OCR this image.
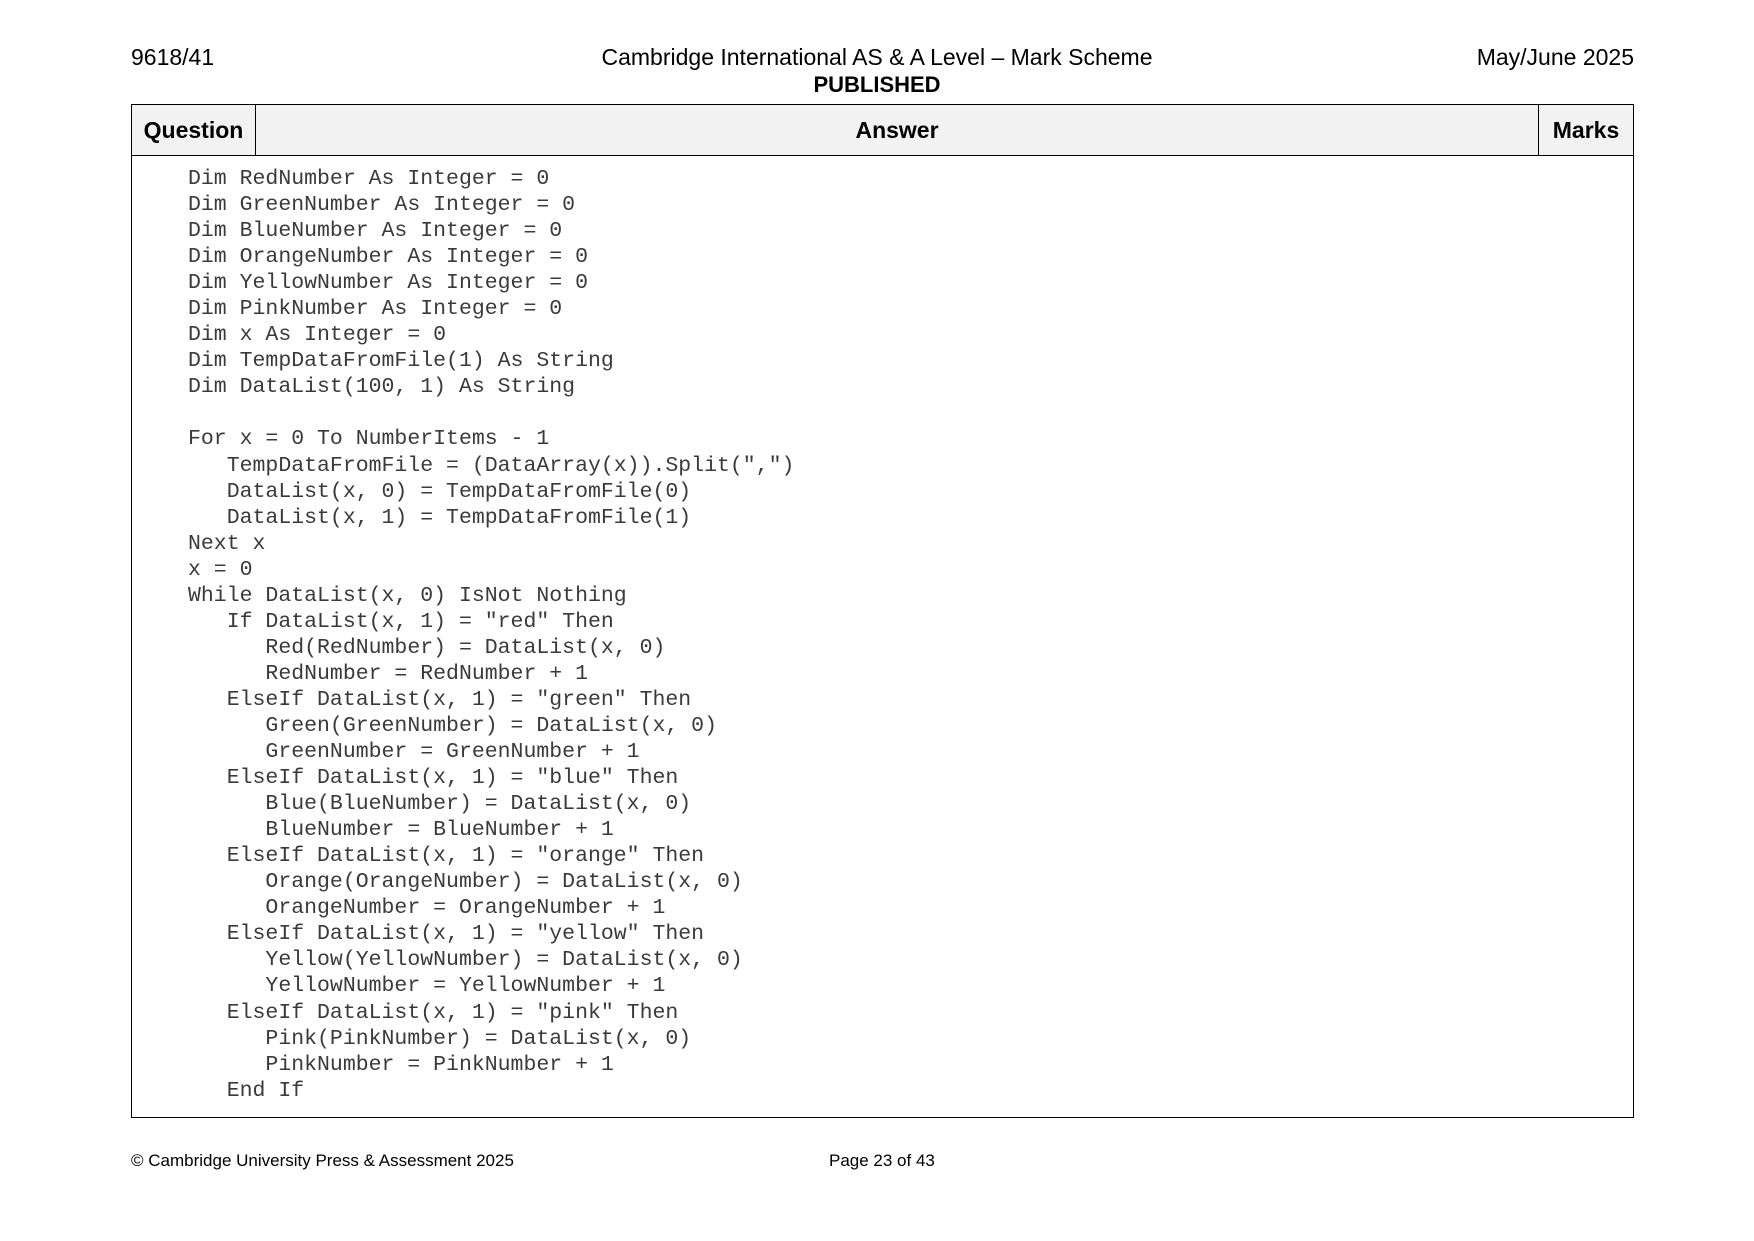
9618/41	Cambridge International AS & A Level – Mark Scheme
PUBLISHED
May/June 2025
Question	Answer	Marks
Dim RedNumber As Integer = 0
Dim GreenNumber As Integer = 0
Dim BlueNumber As Integer = 0
Dim OrangeNumber As Integer = 0
Dim YellowNumber As Integer = 0
Dim PinkNumber As Integer = 0
Dim x As Integer = 0
Dim TempDataFromFile(1) As String
Dim DataList(100, 1) As String
For x = 0 To NumberItems - 1
TempDataFromFile = (DataArray(x)).Split(",")
DataList(x, 0) = TempDataFromFile(0)
DataList(x, 1) = TempDataFromFile(1)
Next x
x = 0
While DataList(x, 0) IsNot Nothing
If DataList(x, 1) = "red" Then
Red(RedNumber) = DataList(x, 0)
RedNumber = RedNumber + 1
ElseIf DataList(x, 1) = "green" Then
Green(GreenNumber) = DataList(x, 0)
GreenNumber = GreenNumber + 1
ElseIf DataList(x, 1) = "blue" Then
Blue(BlueNumber) = DataList(x, 0)
BlueNumber = BlueNumber + 1
ElseIf DataList(x, 1) = "orange" Then
Orange(OrangeNumber) = DataList(x, 0)
OrangeNumber = OrangeNumber + 1
ElseIf DataList(x, 1) = "yellow" Then
Yellow(YellowNumber) = DataList(x, 0)
YellowNumber = YellowNumber + 1
ElseIf DataList(x, 1) = "pink" Then
Pink(PinkNumber) = DataList(x, 0)
PinkNumber = PinkNumber + 1
End If
© Cambridge University Press & Assessment 2025	Page 23 of 43
